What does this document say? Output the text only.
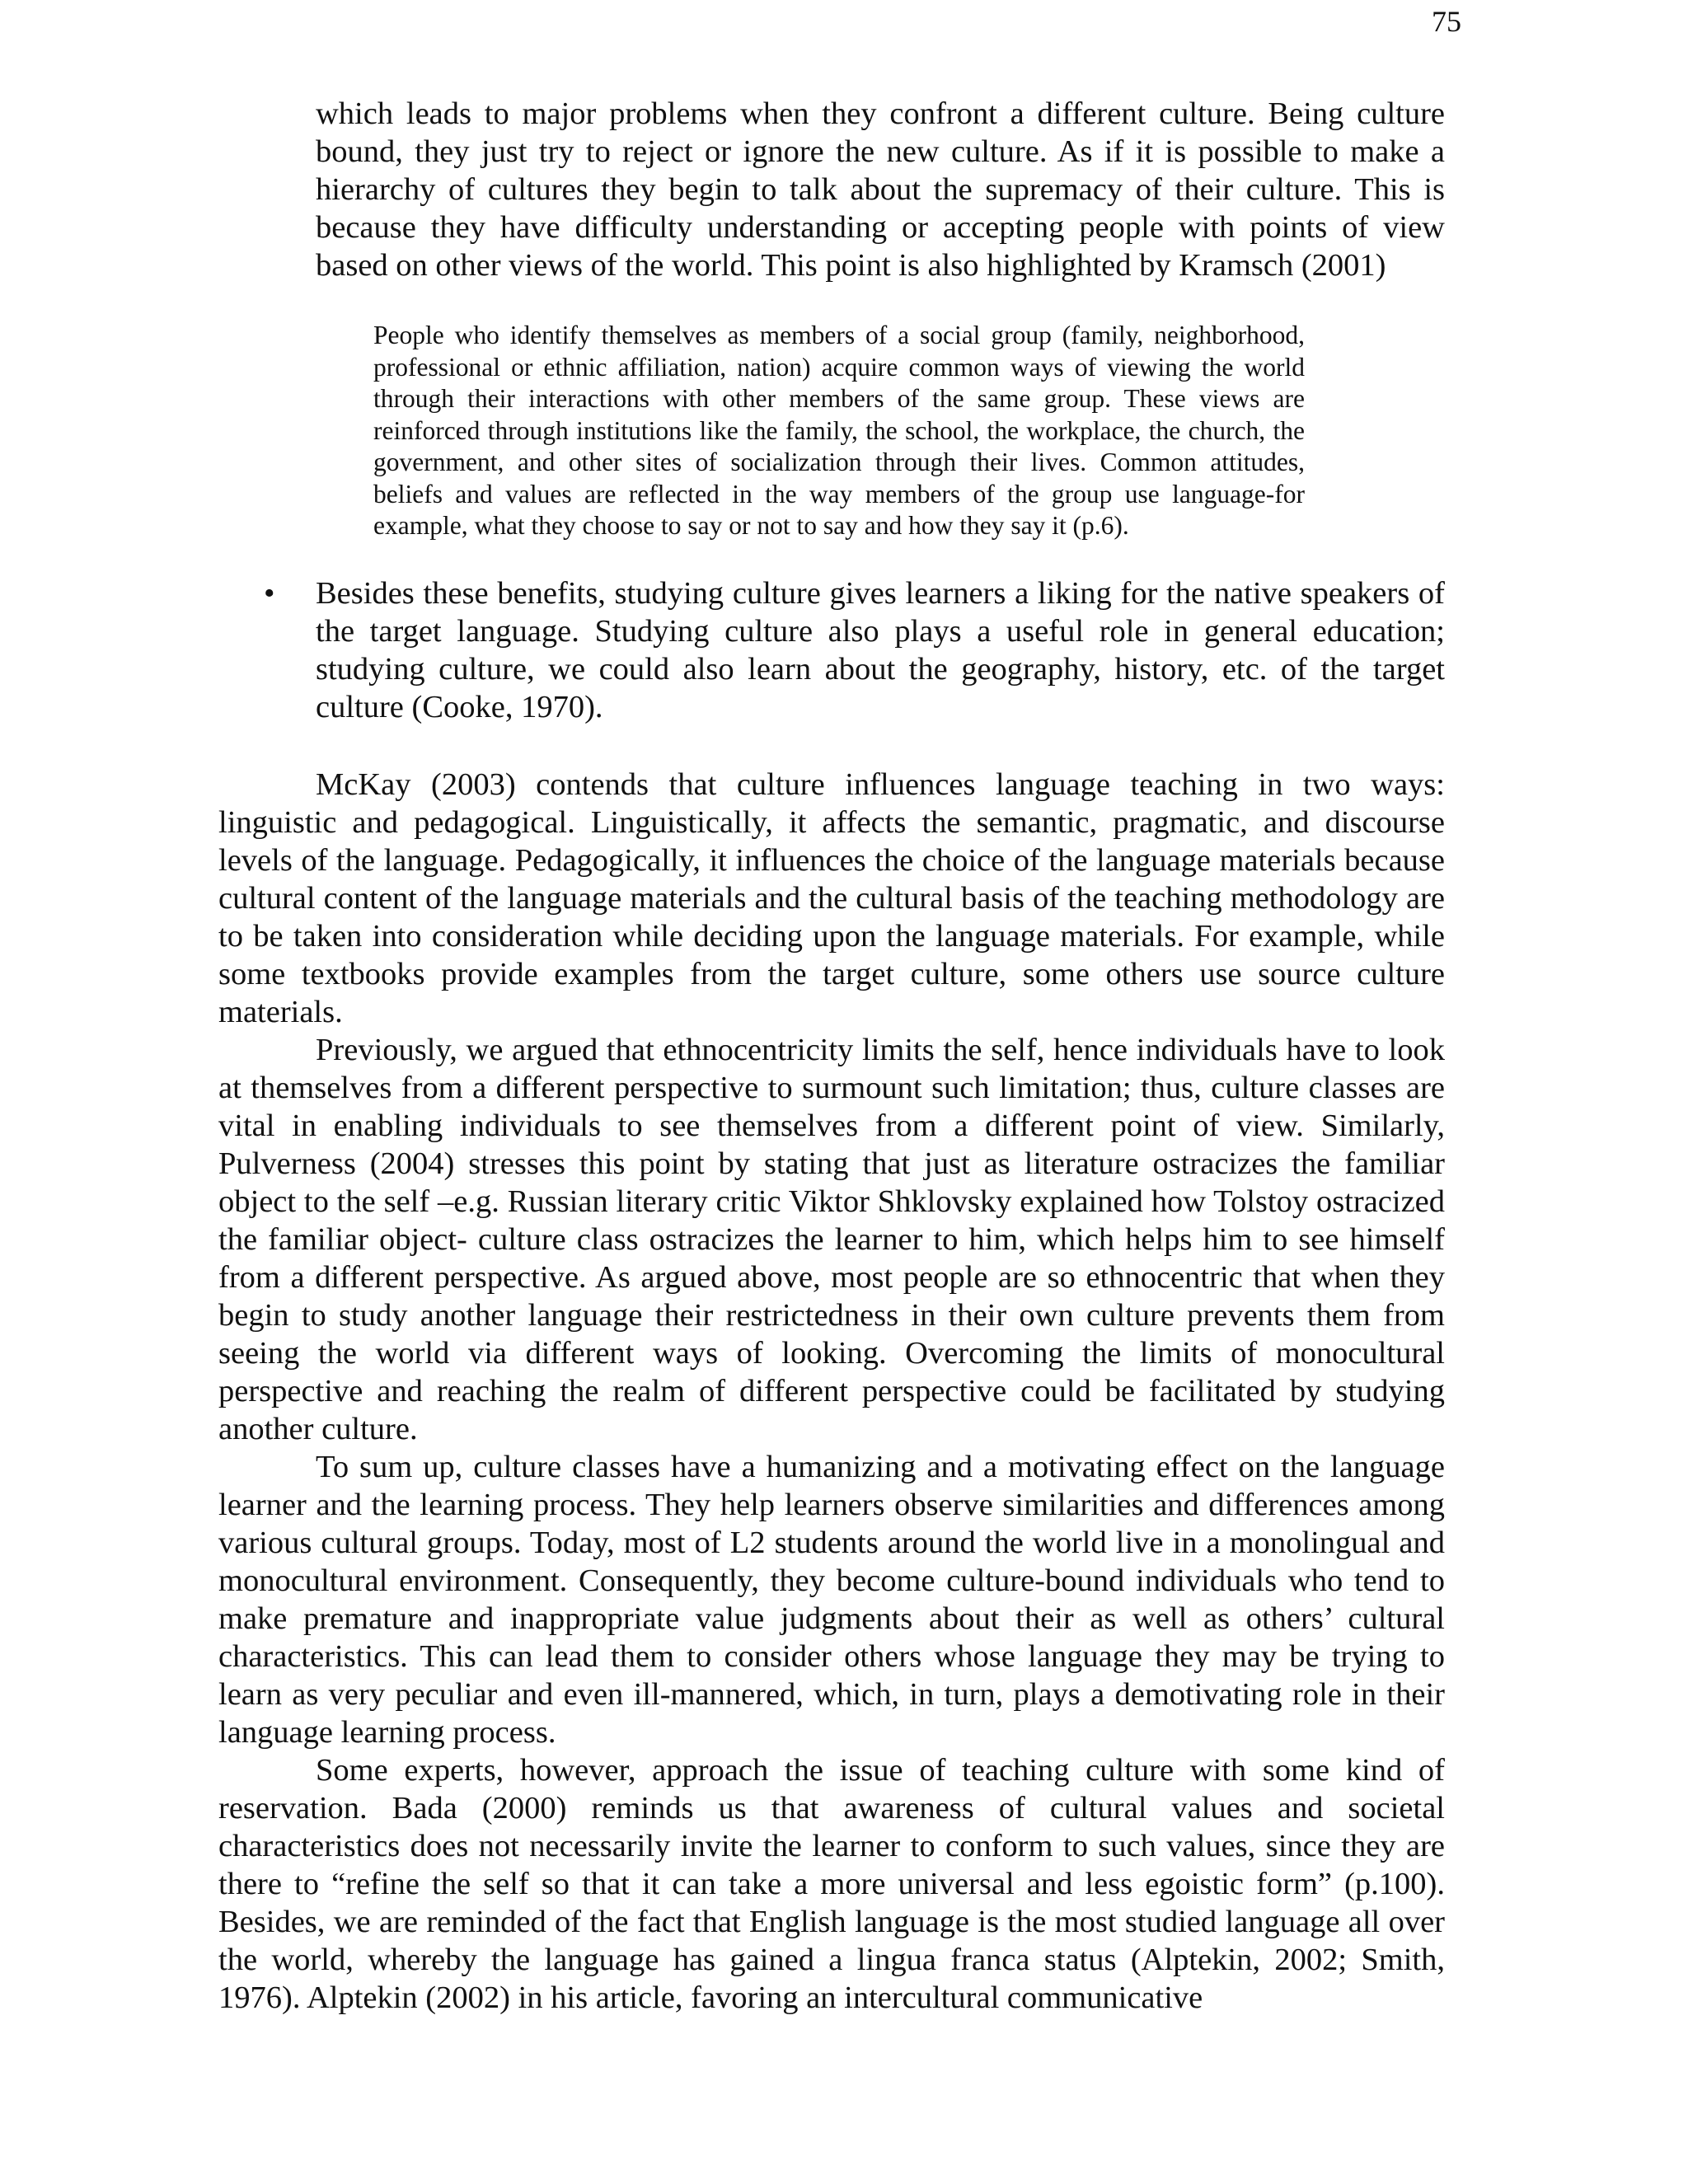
75

which leads to major problems when they confront a different culture. Being culture bound, they just try to reject or ignore the new culture. As if it is possible to make a hierarchy of cultures they begin to talk about the supremacy of their culture. This is because they have difficulty understanding or accepting people with points of view based on other views of the world. This point is also highlighted by Kramsch (2001)

People who identify themselves as members of a social group (family, neighborhood, professional or ethnic affiliation, nation) acquire common ways of viewing the world through their interactions with other members of the same group. These views are reinforced through institutions like the family, the school, the workplace, the church, the government, and other sites of socialization through their lives. Common attitudes, beliefs and values are reflected in the way members of the group use language-for example, what they choose to say or not to say and how they say it (p.6).

• Besides these benefits, studying culture gives learners a liking for the native speakers of the target language. Studying culture also plays a useful role in general education; studying culture, we could also learn about the geography, history, etc. of the target culture (Cooke, 1970).

McKay (2003) contends that culture influences language teaching in two ways: linguistic and pedagogical. Linguistically, it affects the semantic, pragmatic, and discourse levels of the language. Pedagogically, it influences the choice of the language materials because cultural content of the language materials and the cultural basis of the teaching methodology are to be taken into consideration while deciding upon the language materials. For example, while some textbooks provide examples from the target culture, some others use source culture materials.

Previously, we argued that ethnocentricity limits the self, hence individuals have to look at themselves from a different perspective to surmount such limitation; thus, culture classes are vital in enabling individuals to see themselves from a different point of view. Similarly, Pulverness (2004) stresses this point by stating that just as literature ostracizes the familiar object to the self –e.g. Russian literary critic Viktor Shklovsky explained how Tolstoy ostracized the familiar object- culture class ostracizes the learner to him, which helps him to see himself from a different perspective. As argued above, most people are so ethnocentric that when they begin to study another language their restrictedness in their own culture prevents them from seeing the world via different ways of looking. Overcoming the limits of monocultural perspective and reaching the realm of different perspective could be facilitated by studying another culture.

To sum up, culture classes have a humanizing and a motivating effect on the language learner and the learning process. They help learners observe similarities and differences among various cultural groups. Today, most of L2 students around the world live in a monolingual and monocultural environment. Consequently, they become culture-bound individuals who tend to make premature and inappropriate value judgments about their as well as others’ cultural characteristics. This can lead them to consider others whose language they may be trying to learn as very peculiar and even ill-mannered, which, in turn, plays a demotivating role in their language learning process.

Some experts, however, approach the issue of teaching culture with some kind of reservation. Bada (2000) reminds us that awareness of cultural values and societal characteristics does not necessarily invite the learner to conform to such values, since they are there to “refine the self so that it can take a more universal and less egoistic form” (p.100). Besides, we are reminded of the fact that English language is the most studied language all over the world, whereby the language has gained a lingua franca status (Alptekin, 2002; Smith, 1976). Alptekin (2002) in his article, favoring an intercultural communicative
